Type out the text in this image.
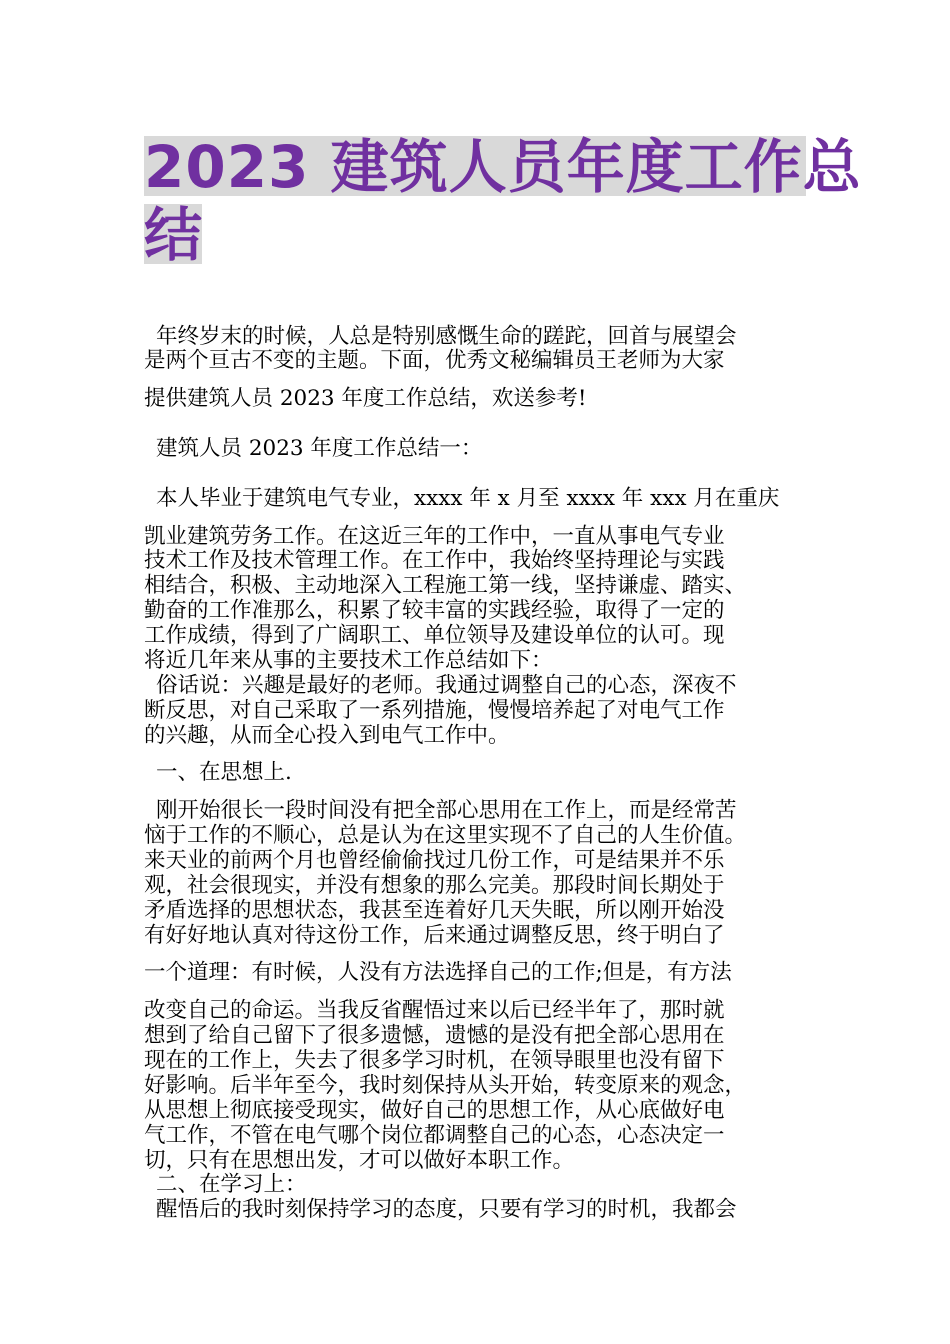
2023 建筑人员年度工作总
结
年终岁末的时候，人总是特别感慨生命的蹉跎，回首与展望会
是两个亘古不变的主题。下面，优秀文秘编辑员王老师为大家
提供建筑人员 2023 年度工作总结，欢送参考!
建筑人员 2023 年度工作总结一：
本人毕业于建筑电气专业，xxxx 年 x 月至 xxxx 年 xxx 月在重庆
凯业建筑劳务工作。在这近三年的工作中，一直从事电气专业
技术工作及技术管理工作。在工作中，我始终坚持理论与实践
相结合，积极、主动地深入工程施工第一线，坚持谦虚、踏实、
勤奋的工作准那么，积累了较丰富的实践经验，取得了一定的
工作成绩，得到了广阔职工、单位领导及建设单位的认可。现
将近几年来从事的主要技术工作总结如下：
俗话说：兴趣是最好的老师。我通过调整自己的心态，深夜不
断反思，对自己采取了一系列措施，慢慢培养起了对电气工作
的兴趣，从而全心投入到电气工作中。
一、在思想上.
刚开始很长一段时间没有把全部心思用在工作上，而是经常苦
恼于工作的不顺心，总是认为在这里实现不了自己的人生价值。
来天业的前两个月也曾经偷偷找过几份工作，可是结果并不乐
观，社会很现实，并没有想象的那么完美。那段时间长期处于
矛盾选择的思想状态，我甚至连着好几天失眠，所以刚开始没
有好好地认真对待这份工作，后来通过调整反思，终于明白了
一个道理：有时候，人没有方法选择自己的工作;但是，有方法
改变自己的命运。当我反省醒悟过来以后已经半年了，那时就
想到了给自己留下了很多遗憾，遗憾的是没有把全部心思用在
现在的工作上，失去了很多学习时机，在领导眼里也没有留下
好影响。后半年至今，我时刻保持从头开始，转变原来的观念，
从思想上彻底接受现实，做好自己的思想工作，从心底做好电
气工作，不管在电气哪个岗位都调整自己的心态，心态决定一
切，只有在思想出发，才可以做好本职工作。
二、在学习上：
醒悟后的我时刻保持学习的态度，只要有学习的时机，我都会
